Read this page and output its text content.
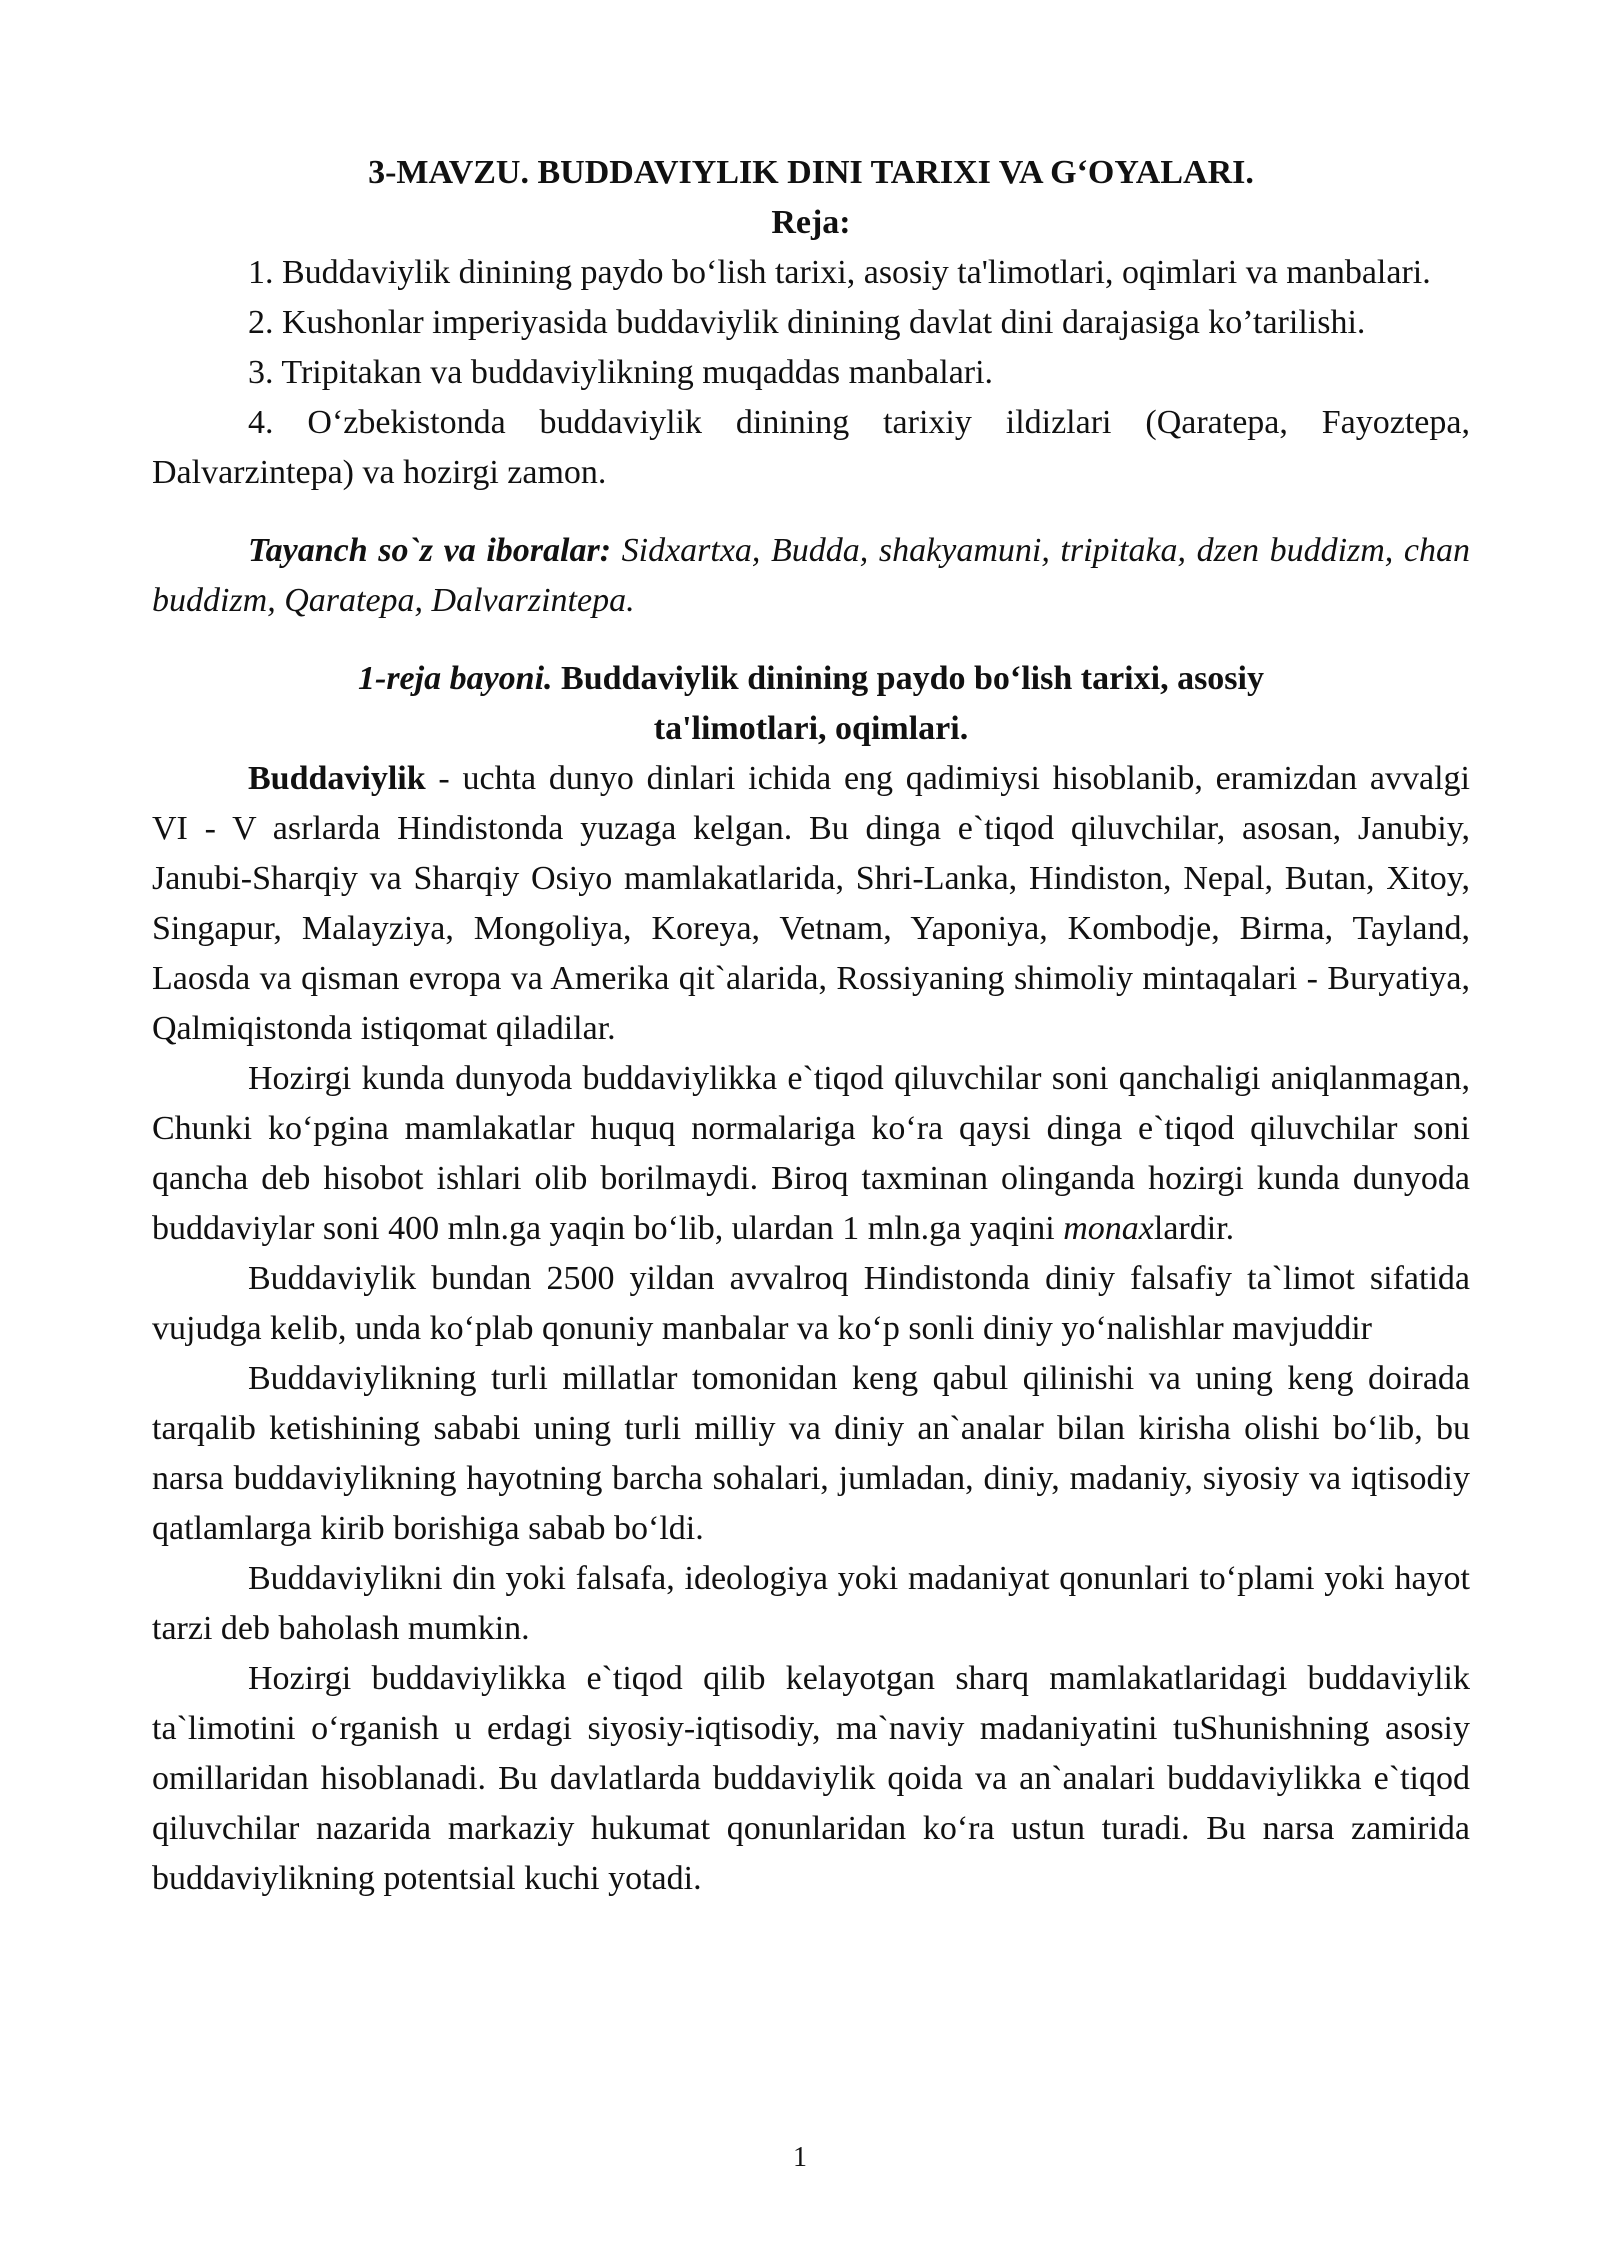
3-MAVZU. BUDDAVIYLIK DINI TARIXI VA G‘OYALARI.

Reja:

1. Buddaviylik dinining paydo bo‘lish tarixi, asosiy ta'limotlari, oqimlari va manbalari.

2. Kushonlar imperiyasida buddaviylik dinining davlat dini darajasiga ko’tarilishi.

3. Tripitakan va buddaviylikning muqaddas manbalari.

4. O‘zbekistonda buddaviylik dinining tarixiy ildizlari (Qaratepa, Fayoztepa, Dalvarzintepa) va hozirgi zamon.

Tayanch so`z va iboralar: Sidxartxa, Budda, shakyamuni, tripitaka, dzen buddizm, chan buddizm, Qaratepa, Dalvarzintepa.

1-reja bayoni. Buddaviylik dinining paydo bo‘lish tarixi, asosiy
ta'limotlari, oqimlari.

Buddaviylik - uchta dunyo dinlari ichida eng qadimiysi hisoblanib, eramizdan avvalgi VI - V asrlarda Hindistonda yuzaga kelgan. Bu dinga e`tiqod qiluvchilar, asosan, Janubiy, Janubi-Sharqiy va Sharqiy Osiyo mamlakatlarida, Shri-Lanka, Hindiston, Nepal, Butan, Xitoy, Singapur, Malayziya, Mongoliya, Koreya, Vetnam, Yaponiya, Kombodje, Birma, Tayland, Laosda va qisman evropa va Amerika qit`alarida, Rossiyaning shimoliy mintaqalari - Buryatiya, Qalmiqistonda istiqomat qiladilar.

Hozirgi kunda dunyoda buddaviylikka e`tiqod qiluvchilar soni qanchaligi aniqlanmagan, Chunki ko‘pgina mamlakatlar huquq normalariga ko‘ra qaysi dinga e`tiqod qiluvchilar soni qancha deb hisobot ishlari olib borilmaydi. Biroq taxminan olinganda hozirgi kunda dunyoda buddaviylar soni 400 mln.ga yaqin bo‘lib, ulardan 1 mln.ga yaqini monaxlardir.

Buddaviylik bundan 2500 yildan avvalroq Hindistonda diniy falsafiy ta`limot sifatida vujudga kelib, unda ko‘plab qonuniy manbalar va ko‘p sonli diniy yo‘nalishlar mavjuddir

Buddaviylikning turli millatlar tomonidan keng qabul qilinishi va uning keng doirada tarqalib ketishining sababi uning turli milliy va diniy an`analar bilan kirisha olishi bo‘lib, bu narsa buddaviylikning hayotning barcha sohalari, jumladan, diniy, madaniy, siyosiy va iqtisodiy qatlamlarga kirib borishiga sabab bo‘ldi.

Buddaviylikni din yoki falsafa, ideologiya yoki madaniyat qonunlari to‘plami yoki hayot tarzi deb baholash mumkin.

Hozirgi buddaviylikka e`tiqod qilib kelayotgan sharq mamlakatlaridagi buddaviylik ta`limotini o‘rganish u erdagi siyosiy-iqtisodiy, ma`naviy madaniyatini tuShunishning asosiy omillaridan hisoblanadi. Bu davlatlarda buddaviylik qoida va an`analari buddaviylikka e`tiqod qiluvchilar nazarida markaziy hukumat qonunlaridan ko‘ra ustun turadi. Bu narsa zamirida buddaviylikning potentsial kuchi yotadi.

1
